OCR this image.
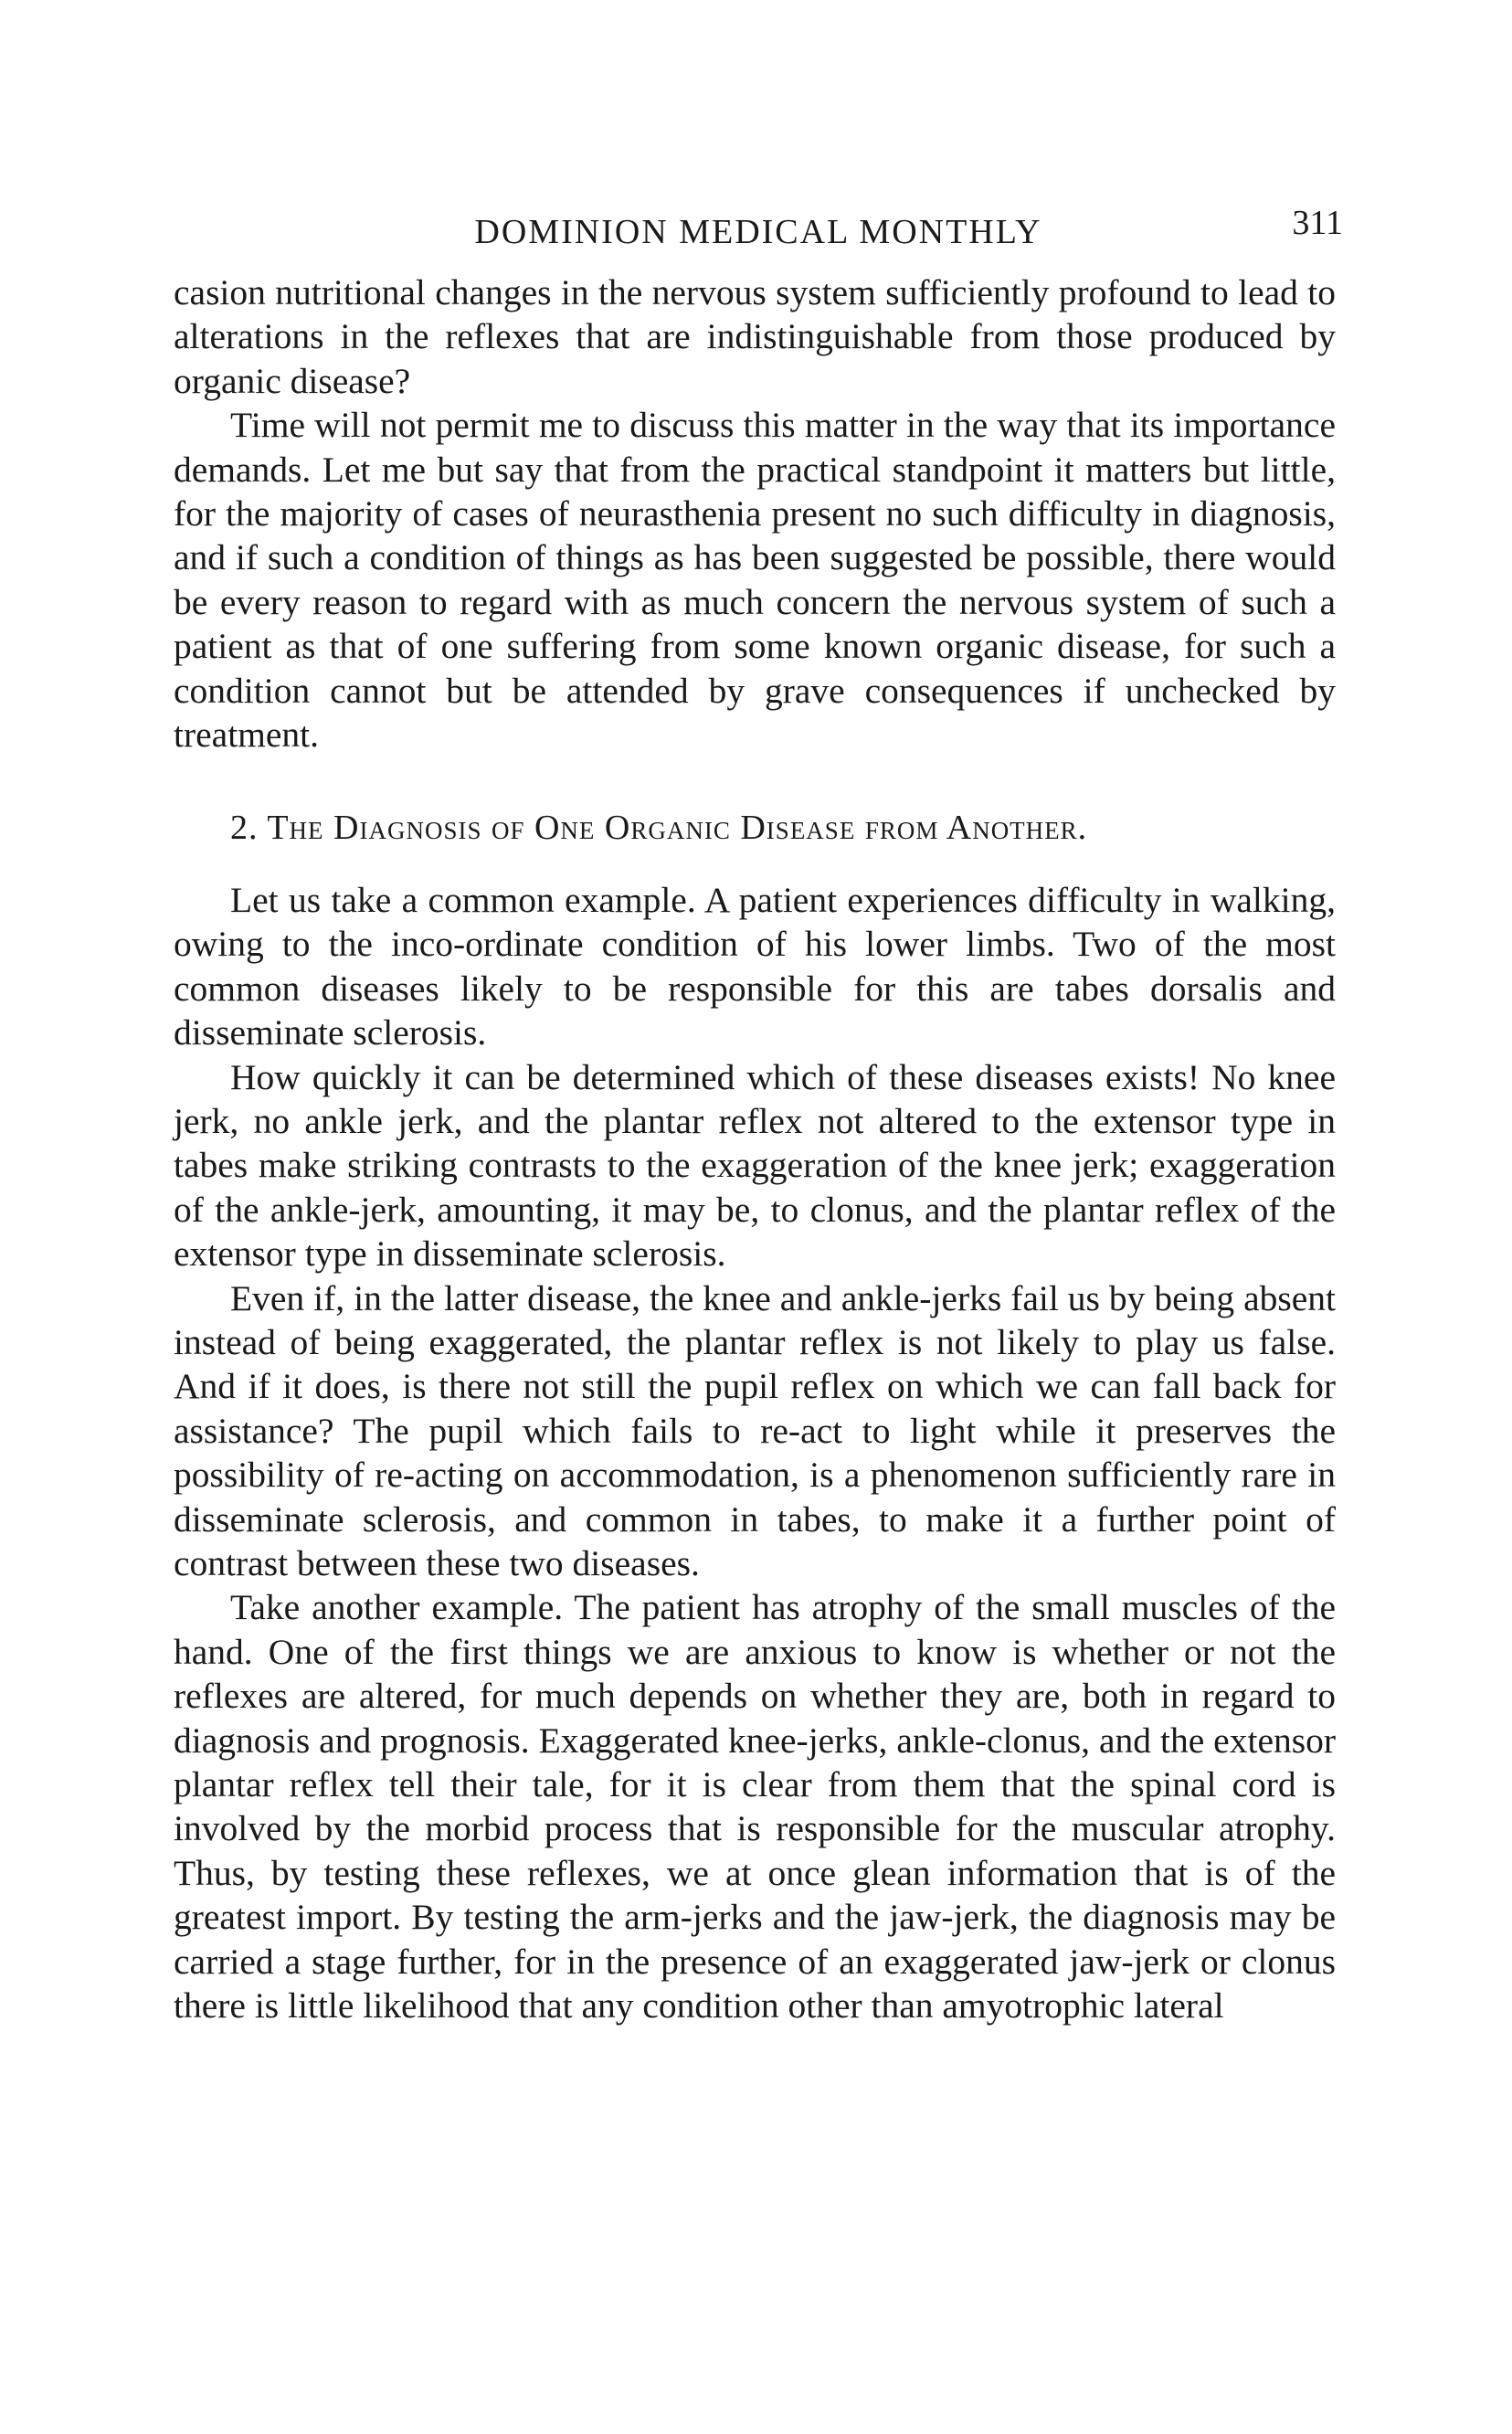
DOMINION MEDICAL MONTHLY	311

casion nutritional changes in the nervous system sufficiently profound to lead to alterations in the reflexes that are indistinguishable from those produced by organic disease?

Time will not permit me to discuss this matter in the way that its importance demands. Let me but say that from the practical standpoint it matters but little, for the majority of cases of neurasthenia present no such difficulty in diagnosis, and if such a condition of things as has been suggested be possible, there would be every reason to regard with as much concern the nervous system of such a patient as that of one suffering from some known organic disease, for such a condition cannot but be attended by grave consequences if unchecked by treatment.

2. The Diagnosis of One Organic Disease from Another.

Let us take a common example. A patient experiences difficulty in walking, owing to the inco-ordinate condition of his lower limbs. Two of the most common diseases likely to be responsible for this are tabes dorsalis and disseminate sclerosis.

How quickly it can be determined which of these diseases exists! No knee jerk, no ankle jerk, and the plantar reflex not altered to the extensor type in tabes make striking contrasts to the exaggeration of the knee jerk; exaggeration of the ankle-jerk, amounting, it may be, to clonus, and the plantar reflex of the extensor type in disseminate sclerosis.

Even if, in the latter disease, the knee and ankle-jerks fail us by being absent instead of being exaggerated, the plantar reflex is not likely to play us false. And if it does, is there not still the pupil reflex on which we can fall back for assistance? The pupil which fails to re-act to light while it preserves the possibility of re-acting on accommodation, is a phenomenon sufficiently rare in disseminate sclerosis, and common in tabes, to make it a further point of contrast between these two diseases.

Take another example. The patient has atrophy of the small muscles of the hand. One of the first things we are anxious to know is whether or not the reflexes are altered, for much depends on whether they are, both in regard to diagnosis and prognosis. Exaggerated knee-jerks, ankle-clonus, and the extensor plantar reflex tell their tale, for it is clear from them that the spinal cord is involved by the morbid process that is responsible for the muscular atrophy. Thus, by testing these reflexes, we at once glean information that is of the greatest import. By testing the arm-jerks and the jaw-jerk, the diagnosis may be carried a stage further, for in the presence of an exaggerated jaw-jerk or clonus there is little likelihood that any condition other than amyotrophic lateral
